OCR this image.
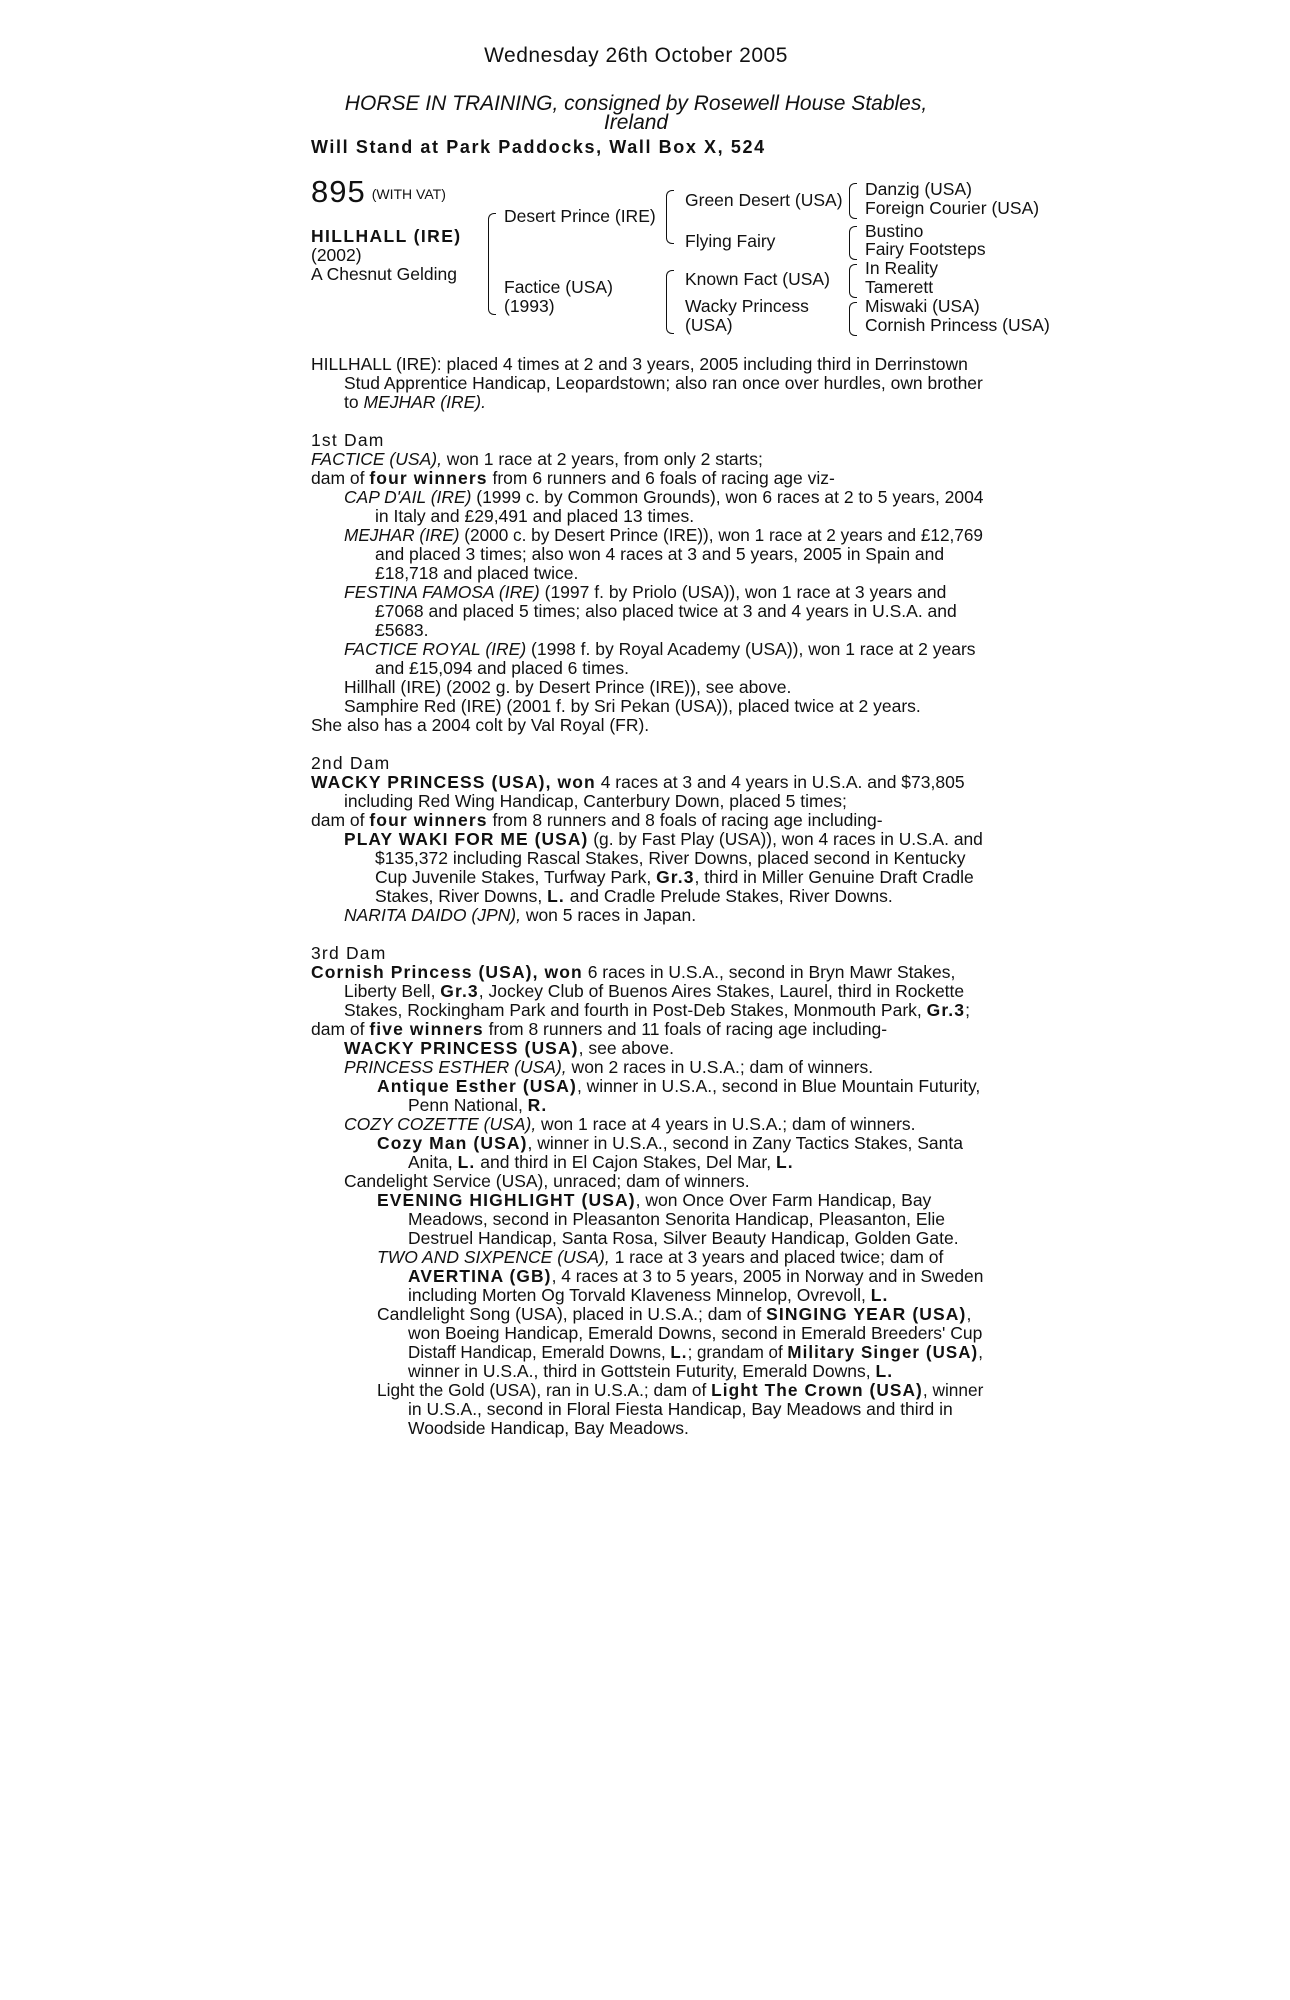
Wednesday 26th October 2005
HORSE IN TRAINING, consigned by Rosewell House Stables, Ireland
Will Stand at Park Paddocks, Wall Box X, 524
895 (WITH VAT)
HILLHALL (IRE)
(2002)
A Chesnut Gelding
Desert Prince (IRE)
Factice (USA)
(1993)
Green Desert (USA)
Flying Fairy
Known Fact (USA)
Wacky Princess
(USA)
Danzig (USA)
Foreign Courier (USA)
Bustino
Fairy Footsteps
In Reality
Tamerett
Miswaki (USA)
Cornish Princess (USA)
HILLHALL (IRE): placed 4 times at 2 and 3 years, 2005 including third in Derrinstown
Stud Apprentice Handicap, Leopardstown; also ran once over hurdles, own brother
to MEJHAR (IRE).
1st Dam
FACTICE (USA), won 1 race at 2 years, from only 2 starts;
dam of four winners from 6 runners and 6 foals of racing age viz-
CAP D'AIL (IRE) (1999 c. by Common Grounds), won 6 races at 2 to 5 years, 2004
in Italy and £29,491 and placed 13 times.
MEJHAR (IRE) (2000 c. by Desert Prince (IRE)), won 1 race at 2 years and £12,769
and placed 3 times; also won 4 races at 3 and 5 years, 2005 in Spain and
£18,718 and placed twice.
FESTINA FAMOSA (IRE) (1997 f. by Priolo (USA)), won 1 race at 3 years and
£7068 and placed 5 times; also placed twice at 3 and 4 years in U.S.A. and
£5683.
FACTICE ROYAL (IRE) (1998 f. by Royal Academy (USA)), won 1 race at 2 years
and £15,094 and placed 6 times.
Hillhall (IRE) (2002 g. by Desert Prince (IRE)), see above.
Samphire Red (IRE) (2001 f. by Sri Pekan (USA)), placed twice at 2 years.
She also has a 2004 colt by Val Royal (FR).
2nd Dam
WACKY PRINCESS (USA), won 4 races at 3 and 4 years in U.S.A. and $73,805
including Red Wing Handicap, Canterbury Down, placed 5 times;
dam of four winners from 8 runners and 8 foals of racing age including-
PLAY WAKI FOR ME (USA) (g. by Fast Play (USA)), won 4 races in U.S.A. and
$135,372 including Rascal Stakes, River Downs, placed second in Kentucky
Cup Juvenile Stakes, Turfway Park, Gr.3, third in Miller Genuine Draft Cradle
Stakes, River Downs, L. and Cradle Prelude Stakes, River Downs.
NARITA DAIDO (JPN), won 5 races in Japan.
3rd Dam
Cornish Princess (USA), won 6 races in U.S.A., second in Bryn Mawr Stakes,
Liberty Bell, Gr.3, Jockey Club of Buenos Aires Stakes, Laurel, third in Rockette
Stakes, Rockingham Park and fourth in Post-Deb Stakes, Monmouth Park, Gr.3;
dam of five winners from 8 runners and 11 foals of racing age including-
WACKY PRINCESS (USA), see above.
PRINCESS ESTHER (USA), won 2 races in U.S.A.; dam of winners.
Antique Esther (USA), winner in U.S.A., second in Blue Mountain Futurity,
Penn National, R.
COZY COZETTE (USA), won 1 race at 4 years in U.S.A.; dam of winners.
Cozy Man (USA), winner in U.S.A., second in Zany Tactics Stakes, Santa
Anita, L. and third in El Cajon Stakes, Del Mar, L.
Candelight Service (USA), unraced; dam of winners.
EVENING HIGHLIGHT (USA), won Once Over Farm Handicap, Bay
Meadows, second in Pleasanton Senorita Handicap, Pleasanton, Elie
Destruel Handicap, Santa Rosa, Silver Beauty Handicap, Golden Gate.
TWO AND SIXPENCE (USA), 1 race at 3 years and placed twice; dam of
AVERTINA (GB), 4 races at 3 to 5 years, 2005 in Norway and in Sweden
including Morten Og Torvald Klaveness Minnelop, Ovrevoll, L.
Candlelight Song (USA), placed in U.S.A.; dam of SINGING YEAR (USA),
won Boeing Handicap, Emerald Downs, second in Emerald Breeders' Cup
Distaff Handicap, Emerald Downs, L.; grandam of Military Singer (USA),
winner in U.S.A., third in Gottstein Futurity, Emerald Downs, L.
Light the Gold (USA), ran in U.S.A.; dam of Light The Crown (USA), winner
in U.S.A., second in Floral Fiesta Handicap, Bay Meadows and third in
Woodside Handicap, Bay Meadows.
